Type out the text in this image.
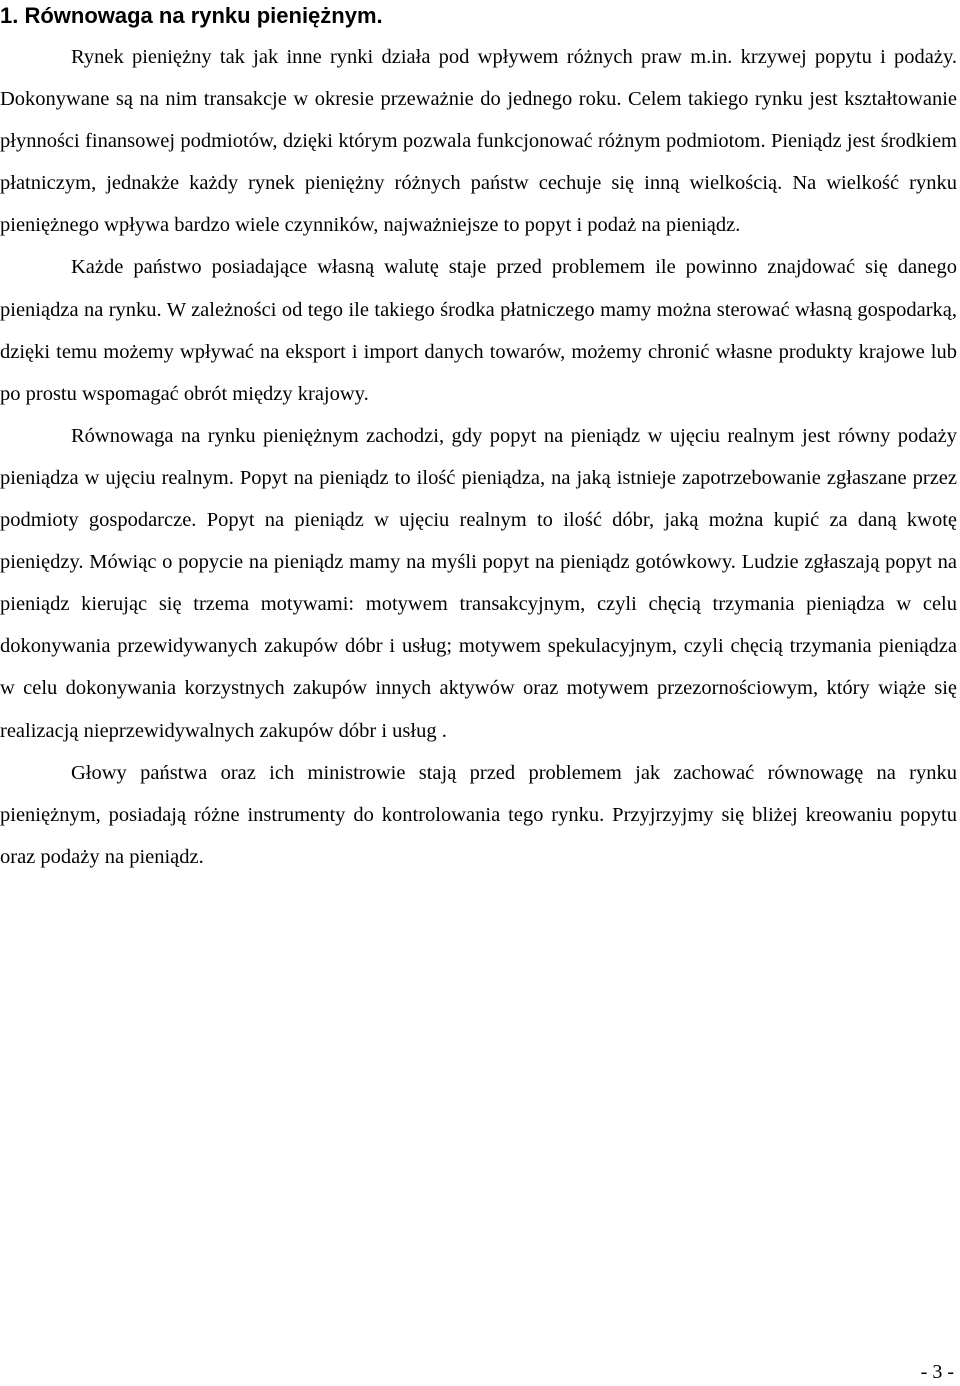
1. Równowaga na rynku pieniężnym.

Rynek pieniężny tak jak inne rynki działa pod wpływem różnych praw m.in. krzywej popytu i podaży. Dokonywane są na nim transakcje w okresie przeważnie do jednego roku. Celem takiego rynku jest kształtowanie płynności finansowej podmiotów, dzięki którym pozwala funkcjonować różnym podmiotom. Pieniądz jest środkiem płatniczym, jednakże każdy rynek pieniężny różnych państw cechuje się inną wielkością. Na wielkość rynku pieniężnego wpływa bardzo wiele czynników, najważniejsze to popyt i podaż na pieniądz.

Każde państwo posiadające własną walutę staje przed problemem ile powinno znajdować się danego pieniądza na rynku. W zależności od tego ile takiego środka płatniczego mamy można sterować własną gospodarką, dzięki temu możemy wpływać na eksport i import danych towarów, możemy chronić własne produkty krajowe lub po prostu wspomagać obrót między krajowy.

Równowaga na rynku pieniężnym zachodzi, gdy popyt na pieniądz w ujęciu realnym jest równy podaży pieniądza w ujęciu realnym. Popyt na pieniądz to ilość pieniądza, na jaką istnieje zapotrzebowanie zgłaszane przez podmioty gospodarcze. Popyt na pieniądz w ujęciu realnym to ilość dóbr, jaką można kupić za daną kwotę pieniędzy. Mówiąc o popycie na pieniądz mamy na myśli popyt na pieniądz gotówkowy. Ludzie zgłaszają popyt na pieniądz kierując się trzema motywami: motywem transakcyjnym, czyli chęcią trzymania pieniądza w celu dokonywania przewidywanych zakupów dóbr i usług; motywem spekulacyjnym, czyli chęcią trzymania pieniądza w celu dokonywania korzystnych zakupów innych aktywów oraz motywem przezornościowym, który wiąże się realizacją nieprzewidywalnych zakupów dóbr i usług .

Głowy państwa oraz ich ministrowie stają przed problemem jak zachować równowagę na rynku pieniężnym, posiadają różne instrumenty do kontrolowania tego rynku. Przyjrzyjmy się bliżej kreowaniu popytu oraz podaży na pieniądz.

- 3 -
